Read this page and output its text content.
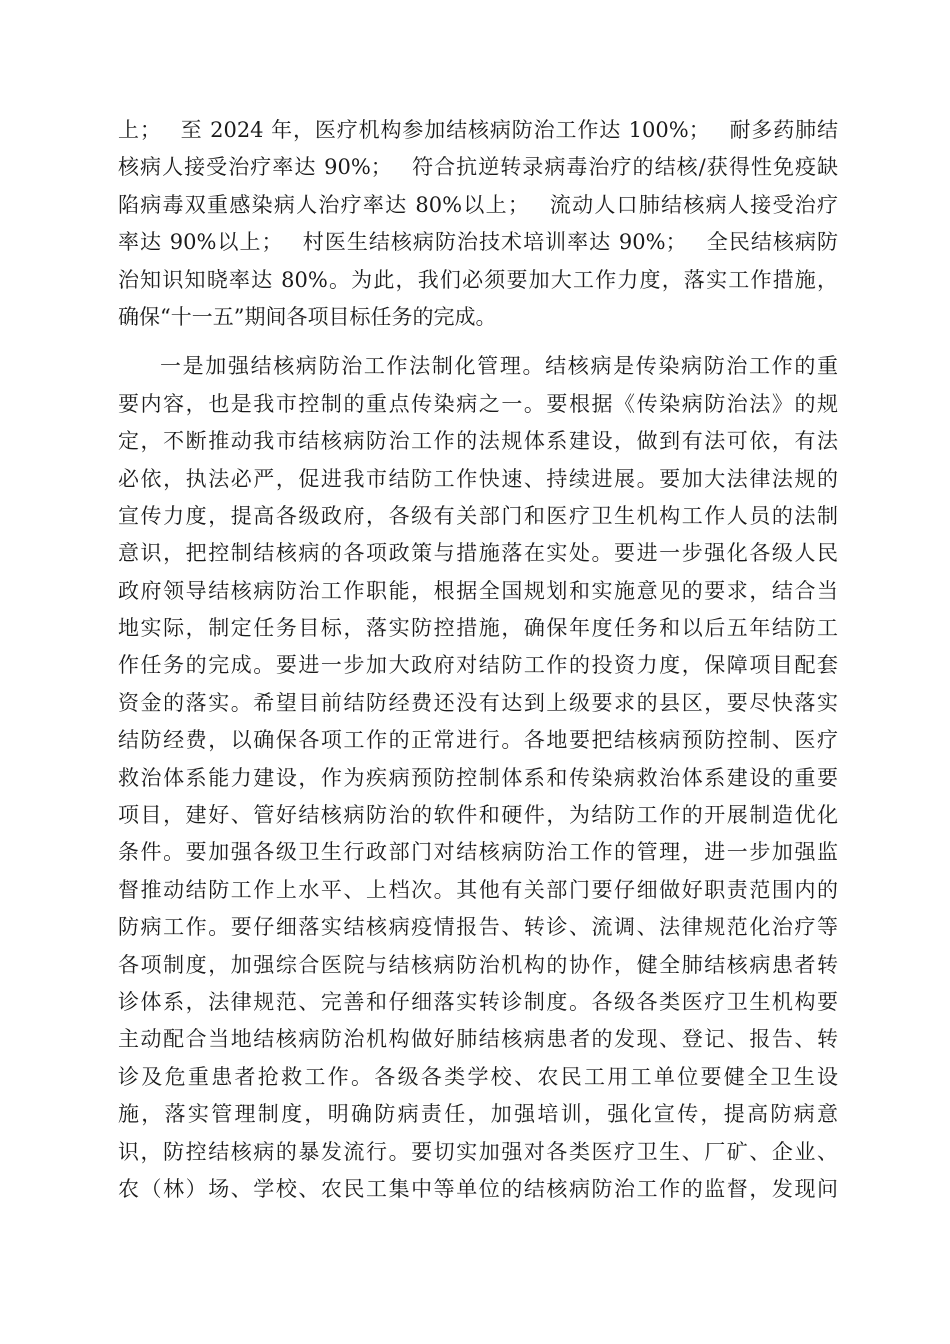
上；　 至 2024 年，医疗机构参加结核病防治工作达 100%；　 耐多药肺结
核病人接受治疗率达 90%；　 符合抗逆转录病毒治疗的结核/获得性免疫缺
陷病毒双重感染病人治疗率达 80%以上；　 流动人口肺结核病人接受治疗
率达 90%以上；　 村医生结核病防治技术培训率达 90%；　 全民结核病防
治知识知晓率达 80%。为此，我们必须要加大工作力度，落实工作措施，
确保“十一五”期间各项目标任务的完成。
一是加强结核病防治工作法制化管理。结核病是传染病防治工作的重
要内容，也是我市控制的重点传染病之一。要根据《传染病防治法》的规
定，不断推动我市结核病防治工作的法规体系建设，做到有法可依，有法
必依，执法必严，促进我市结防工作快速、持续进展。要加大法律法规的
宣传力度，提高各级政府，各级有关部门和医疗卫生机构工作人员的法制
意识，把控制结核病的各项政策与措施落在实处。要进一步强化各级人民
政府领导结核病防治工作职能，根据全国规划和实施意见的要求，结合当
地实际，制定任务目标，落实防控措施，确保年度任务和以后五年结防工
作任务的完成。要进一步加大政府对结防工作的投资力度，保障项目配套
资金的落实。希望目前结防经费还没有达到上级要求的县区，要尽快落实
结防经费，以确保各项工作的正常进行。各地要把结核病预防控制、医疗
救治体系能力建设，作为疾病预防控制体系和传染病救治体系建设的重要
项目，建好、管好结核病防治的软件和硬件，为结防工作的开展制造优化
条件。要加强各级卫生行政部门对结核病防治工作的管理，进一步加强监
督推动结防工作上水平、上档次。其他有关部门要仔细做好职责范围内的
防病工作。要仔细落实结核病疫情报告、转诊、流调、法律规范化治疗等
各项制度，加强综合医院与结核病防治机构的协作，健全肺结核病患者转
诊体系，法律规范、完善和仔细落实转诊制度。各级各类医疗卫生机构要
主动配合当地结核病防治机构做好肺结核病患者的发现、登记、报告、转
诊及危重患者抢救工作。各级各类学校、农民工用工单位要健全卫生设
施，落实管理制度，明确防病责任，加强培训，强化宣传，提高防病意
识，防控结核病的暴发流行。要切实加强对各类医疗卫生、厂矿、企业、
农（林）场、学校、农民工集中等单位的结核病防治工作的监督，发现问
